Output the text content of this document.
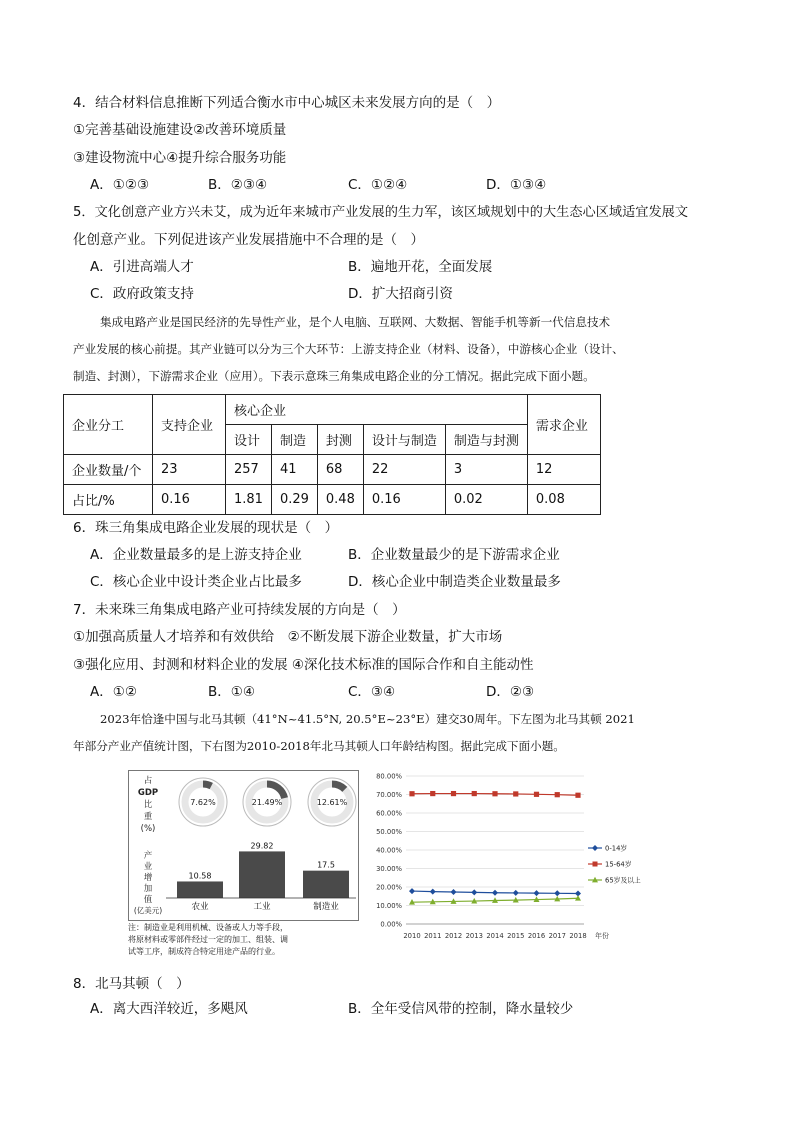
4．结合材料信息推断下列适合衡水市中心城区未来发展方向的是（　）
①完善基础设施建设②改善环境质量
③建设物流中心④提升综合服务功能
A．①②③	B．②③④	C．①②④	D．①③④
5．文化创意产业方兴未艾，成为近年来城市产业发展的生力军，该区域规划中的大生态心区域适宜发展文
化创意产业。下列促进该产业发展措施中不合理的是（　）
A．引进高端人才	B．遍地开花，全面发展
C．政府政策支持	D．扩大招商引资
集成电路产业是国民经济的先导性产业，是个人电脑、互联网、大数据、智能手机等新一代信息技术
产业发展的核心前提。其产业链可以分为三个大环节：上游支持企业（材料、设备），中游核心企业（设计、
制造、封测），下游需求企业（应用）。下表示意珠三角集成电路企业的分工情况。据此完成下面小题。
企业分工	支持企业	核心企业					需求企业
		设计	制造	封测	设计与制造	制造与封测	
企业数量/个	23	257	41	68	22	3	12
占比/%	0.16	1.81	0.29	0.48	0.16	0.02	0.08
6．珠三角集成电路企业发展的现状是（　）
A．企业数量最多的是上游支持企业	B．企业数量最少的是下游需求企业
C．核心企业中设计类企业占比最多	D．核心企业中制造类企业数量最多
7．未来珠三角集成电路产业可持续发展的方向是（　）
①加强高质量人才培养和有效供给　②不断发展下游企业数量，扩大市场
③强化应用、封测和材料企业的发展 ④深化技术标准的国际合作和自主能动性
A．①②	B．①④	C．③④	D．②③
2023年恰逢中国与北马其顿（41°N~41.5°N, 20.5°E~23°E）建交30周年。下左图为北马其顿 2021
年部分产业产值统计图，下右图为2010-2018年北马其顿人口年龄结构图。据此完成下面小题。
占
GDP
比
重
(%)
产
业
增
加
值
(亿美元)
7.62%	21.49%	12.61%
10.58
农业
29.82
工业
17.5
制造业
注：制造业是利用机械、设备或人力等手段，
将原材料或零部件经过一定的加工、组装、调
试等工序，制成符合特定用途产品的行业。
0.00%
10.00%
20.00%
30.00%
40.00%
50.00%
60.00%
70.00%
80.00%
2010 2011 2012 2013 2014 2015 2016 2017 2018
0-14岁
15-64岁
65岁及以上
年份
8．北马其顿（　）
A．离大西洋较近，多飓风	B．全年受信风带的控制，降水量较少
